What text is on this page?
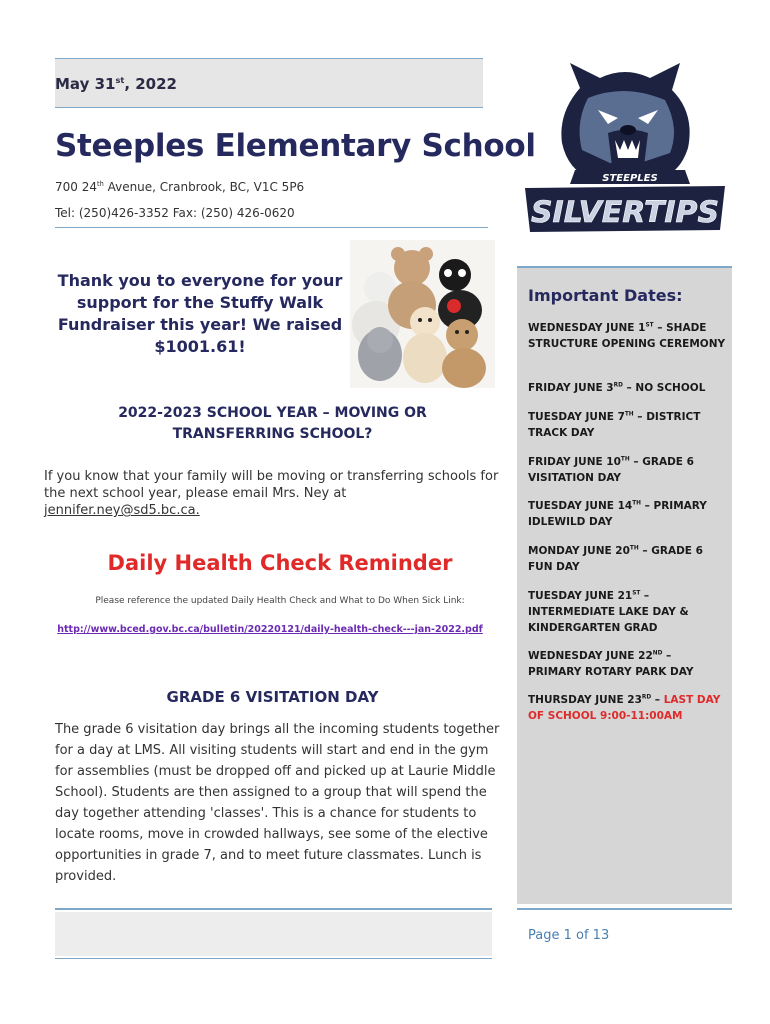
May 31st, 2022
Steeples Elementary School
700 24th Avenue, Cranbrook, BC, V1C 5P6
Tel: (250)426-3352 Fax: (250) 426-0620
STEEPLES
SILVERTIPS
Thank you to everyone for your support for the Stuffy Walk Fundraiser this year! We raised $1001.61!
2022-2023 SCHOOL YEAR – MOVING OR TRANSFERRING SCHOOL?
If you know that your family will be moving or transferring schools for the next school year, please email Mrs. Ney at
jennifer.ney@sd5.bc.ca.
Daily Health Check Reminder
Please reference the updated Daily Health Check and What to Do When Sick Link:
http://www.bced.gov.bc.ca/bulletin/20220121/daily-health-check---jan-2022.pdf
GRADE 6 VISITATION DAY
The grade 6 visitation day brings all the incoming students together for a day at LMS. All visiting students will start and end in the gym for assemblies (must be dropped off and picked up at Laurie Middle School). Students are then assigned to a group that will spend the day together attending 'classes'. This is a chance for students to locate rooms, move in crowded hallways, see some of the elective opportunities in grade 7, and to meet future classmates. Lunch is provided.
Important Dates:
WEDNESDAY JUNE 1ST – SHADE STRUCTURE OPENING CEREMONY
FRIDAY JUNE 3RD – NO SCHOOL
TUESDAY JUNE 7TH – DISTRICT TRACK DAY
FRIDAY JUNE 10TH – GRADE 6 VISITATION DAY
TUESDAY JUNE 14TH – PRIMARY IDLEWILD DAY
MONDAY JUNE 20TH – GRADE 6 FUN DAY
TUESDAY JUNE 21ST – INTERMEDIATE LAKE DAY & KINDERGARTEN GRAD
WEDNESDAY JUNE 22ND – PRIMARY ROTARY PARK DAY
THURSDAY JUNE 23RD – LAST DAY OF SCHOOL 9:00-11:00AM
Page 1 of 13
